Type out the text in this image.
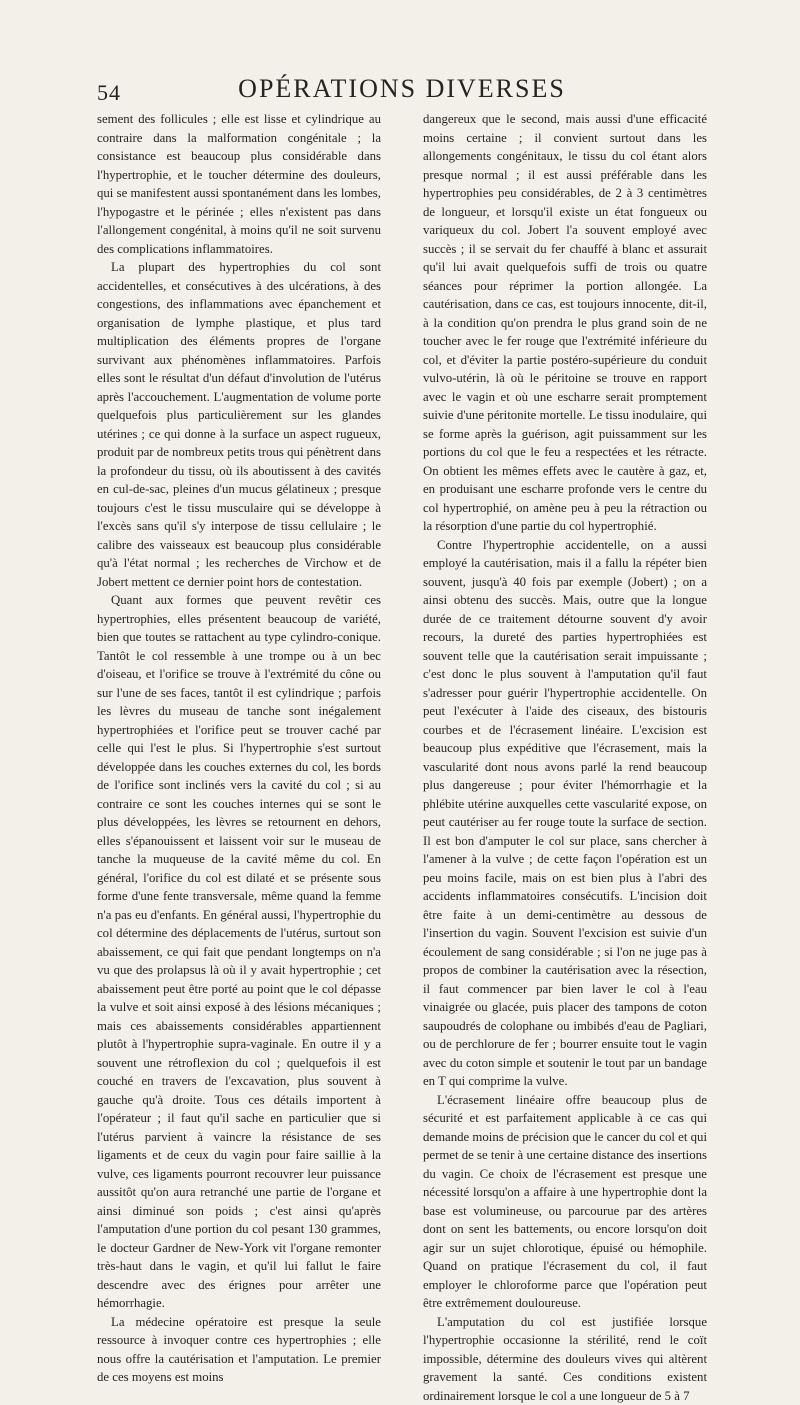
54	OPÉRATIONS DIVERSES

sement des follicules ; elle est lisse et cylindrique au contraire dans la malformation congénitale ; la consistance est beaucoup plus considérable dans l'hypertrophie, et le toucher détermine des douleurs, qui se manifestent aussi spontanément dans les lombes, l'hypogastre et le périnée ; elles n'existent pas dans l'allongement congénital, à moins qu'il ne soit survenu des complications inflammatoires.

La plupart des hypertrophies du col sont accidentelles, et consécutives à des ulcérations, à des congestions, des inflammations avec épanchement et organisation de lymphe plastique, et plus tard multiplication des éléments propres de l'organe survivant aux phénomènes inflammatoires. Parfois elles sont le résultat d'un défaut d'involution de l'utérus après l'accouchement. L'augmentation de volume porte quelquefois plus particulièrement sur les glandes utérines ; ce qui donne à la surface un aspect rugueux, produit par de nombreux petits trous qui pénètrent dans la profondeur du tissu, où ils aboutissent à des cavités en cul-de-sac, pleines d'un mucus gélatineux ; presque toujours c'est le tissu musculaire qui se développe à l'excès sans qu'il s'y interpose de tissu cellulaire ; le calibre des vaisseaux est beaucoup plus considérable qu'à l'état normal ; les recherches de Virchow et de Jobert mettent ce dernier point hors de contestation.

Quant aux formes que peuvent revêtir ces hypertrophies, elles présentent beaucoup de variété, bien que toutes se rattachent au type cylindro-conique. Tantôt le col ressemble à une trompe ou à un bec d'oiseau, et l'orifice se trouve à l'extrémité du cône ou sur l'une de ses faces, tantôt il est cylindrique ; parfois les lèvres du museau de tanche sont inégalement hypertrophiées et l'orifice peut se trouver caché par celle qui l'est le plus. Si l'hypertrophie s'est surtout développée dans les couches externes du col, les bords de l'orifice sont inclinés vers la cavité du col ; si au contraire ce sont les couches internes qui se sont le plus développées, les lèvres se retournent en dehors, elles s'épanouissent et laissent voir sur le museau de tanche la muqueuse de la cavité même du col. En général, l'orifice du col est dilaté et se présente sous forme d'une fente transversale, même quand la femme n'a pas eu d'enfants. En général aussi, l'hypertrophie du col détermine des déplacements de l'utérus, surtout son abaissement, ce qui fait que pendant longtemps on n'a vu que des prolapsus là où il y avait hypertrophie ; cet abaissement peut être porté au point que le col dépasse la vulve et soit ainsi exposé à des lésions mécaniques ; mais ces abaissements considérables appartiennent plutôt à l'hypertrophie supra-vaginale. En outre il y a souvent une rétroflexion du col ; quelquefois il est couché en travers de l'excavation, plus souvent à gauche qu'à droite. Tous ces détails importent à l'opérateur ; il faut qu'il sache en particulier que si l'utérus parvient à vaincre la résistance de ses ligaments et de ceux du vagin pour faire saillie à la vulve, ces ligaments pourront recouvrer leur puissance aussitôt qu'on aura retranché une partie de l'organe et ainsi diminué son poids ; c'est ainsi qu'après l'amputation d'une portion du col pesant 130 grammes, le docteur Gardner de New-York vit l'organe remonter très-haut dans le vagin, et qu'il lui fallut le faire descendre avec des érignes pour arrêter une hémorrhagie.

La médecine opératoire est presque la seule ressource à invoquer contre ces hypertrophies ; elle nous offre la cautérisation et l'amputation. Le premier de ces moyens est moins

dangereux que le second, mais aussi d'une efficacité moins certaine ; il convient surtout dans les allongements congénitaux, le tissu du col étant alors presque normal ; il est aussi préférable dans les hypertrophies peu considérables, de 2 à 3 centimètres de longueur, et lorsqu'il existe un état fongueux ou variqueux du col. Jobert l'a souvent employé avec succès ; il se servait du fer chauffé à blanc et assurait qu'il lui avait quelquefois suffi de trois ou quatre séances pour réprimer la portion allongée. La cautérisation, dans ce cas, est toujours innocente, dit-il, à la condition qu'on prendra le plus grand soin de ne toucher avec le fer rouge que l'extrémité inférieure du col, et d'éviter la partie postéro-supérieure du conduit vulvo-utérin, là où le péritoine se trouve en rapport avec le vagin et où une escharre serait promptement suivie d'une péritonite mortelle. Le tissu inodulaire, qui se forme après la guérison, agit puissamment sur les portions du col que le feu a respectées et les rétracte. On obtient les mêmes effets avec le cautère à gaz, et, en produisant une escharre profonde vers le centre du col hypertrophié, on amène peu à peu la rétraction ou la résorption d'une partie du col hypertrophié.

Contre l'hypertrophie accidentelle, on a aussi employé la cautérisation, mais il a fallu la répéter bien souvent, jusqu'à 40 fois par exemple (Jobert) ; on a ainsi obtenu des succès. Mais, outre que la longue durée de ce traitement détourne souvent d'y avoir recours, la dureté des parties hypertrophiées est souvent telle que la cautérisation serait impuissante ; c'est donc le plus souvent à l'amputation qu'il faut s'adresser pour guérir l'hypertrophie accidentelle. On peut l'exécuter à l'aide des ciseaux, des bistouris courbes et de l'écrasement linéaire. L'excision est beaucoup plus expéditive que l'écrasement, mais la vascularité dont nous avons parlé la rend beaucoup plus dangereuse ; pour éviter l'hémorrhagie et la phlébite utérine auxquelles cette vascularité expose, on peut cautériser au fer rouge toute la surface de section. Il est bon d'amputer le col sur place, sans chercher à l'amener à la vulve ; de cette façon l'opération est un peu moins facile, mais on est bien plus à l'abri des accidents inflammatoires consécutifs. L'incision doit être faite à un demi-centimètre au dessous de l'insertion du vagin. Souvent l'excision est suivie d'un écoulement de sang considérable ; si l'on ne juge pas à propos de combiner la cautérisation avec la résection, il faut commencer par bien laver le col à l'eau vinaigrée ou glacée, puis placer des tampons de coton saupoudrés de colophane ou imbibés d'eau de Pagliari, ou de perchlorure de fer ; bourrer ensuite tout le vagin avec du coton simple et soutenir le tout par un bandage en T qui comprime la vulve.

L'écrasement linéaire offre beaucoup plus de sécurité et est parfaitement applicable à ce cas qui demande moins de précision que le cancer du col et qui permet de se tenir à une certaine distance des insertions du vagin. Ce choix de l'écrasement est presque une nécessité lorsqu'on a affaire à une hypertrophie dont la base est volumineuse, ou parcourue par des artères dont on sent les battements, ou encore lorsqu'on doit agir sur un sujet chlorotique, épuisé ou hémophile. Quand on pratique l'écrasement du col, il faut employer le chloroforme parce que l'opération peut être extrêmement douloureuse.

L'amputation du col est justifiée lorsque l'hypertrophie occasionne la stérilité, rend le coït impossible, détermine des douleurs vives qui altèrent gravement la santé. Ces conditions existent ordinairement lorsque le col a une longueur de 5 à 7
